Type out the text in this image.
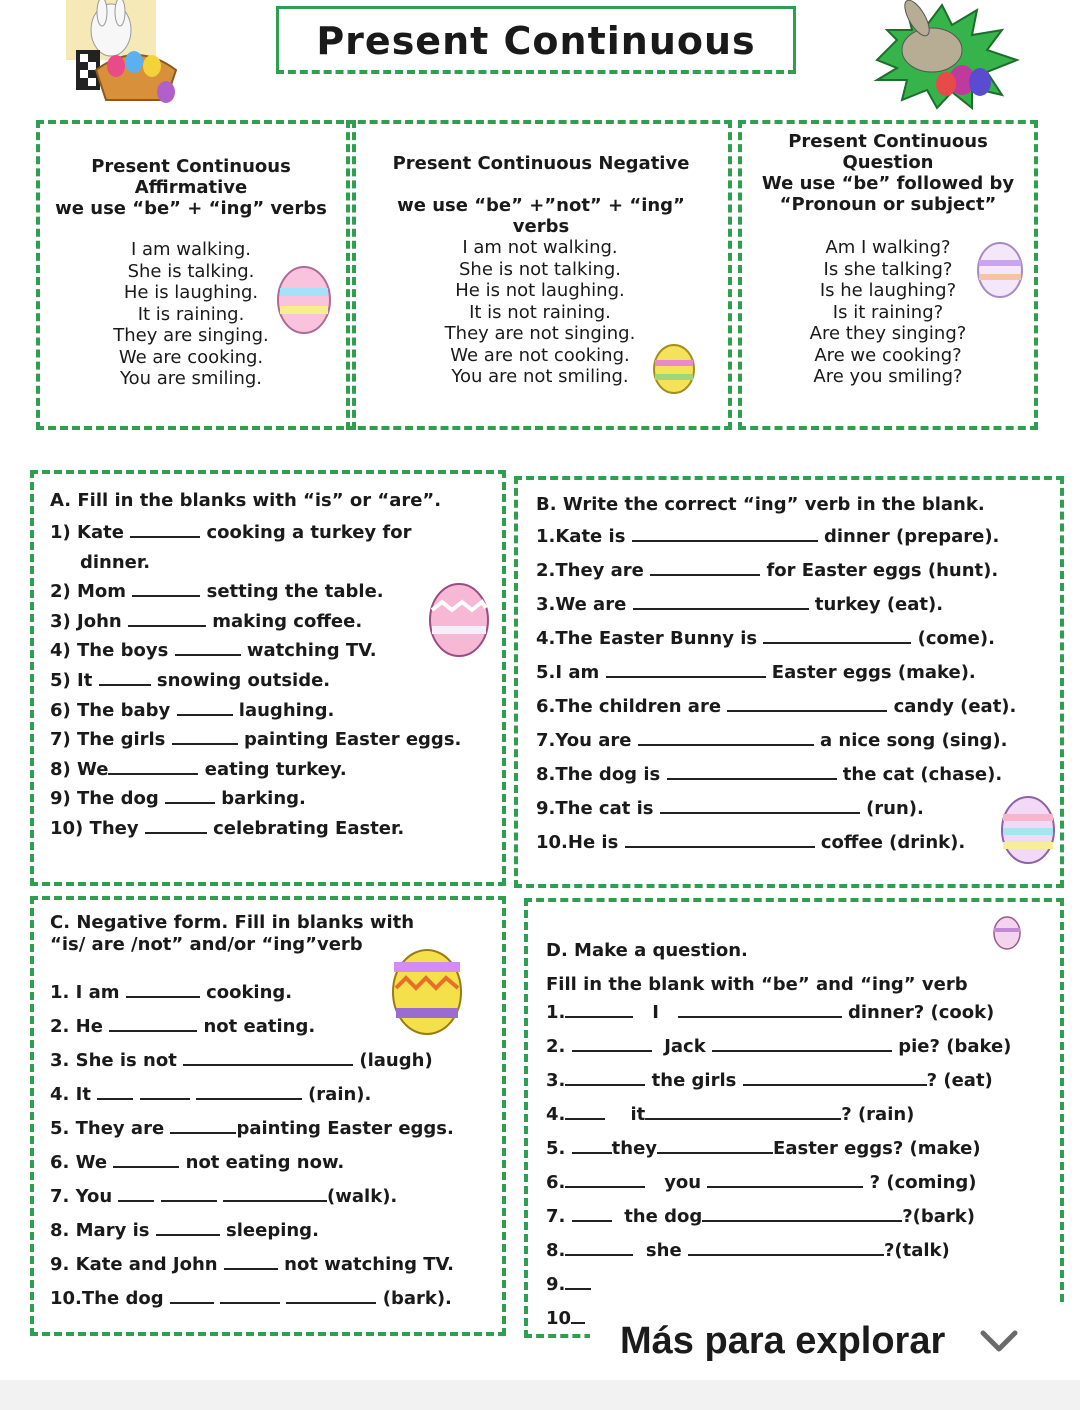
Present Continuous
Present Continuous
Affirmative
we use “be” + “ing” verbs
I am walking.
She is talking.
He is laughing.
It is raining.
They are singing.
We are cooking.
You are smiling.
Present Continuous Negative
we use “be” +”not” + “ing” verbs
I am not walking.
She is not talking.
He is not laughing.
It is not raining.
They are not singing.
We are not cooking.
You are not smiling.
Present Continuous
Question
We use “be” followed by
“Pronoun or subject”
Am I walking?
Is she talking?
Is he laughing?
Is it raining?
Are they singing?
Are we cooking?
Are you smiling?
A. Fill in the blanks with “is” or “are”.
1) Kate	cooking a turkey for
dinner.
2) Mom	setting the table.
3) John	making coffee.
4) The boys	watching TV.
5) It	snowing outside.
6) The baby	laughing.
7) The girls	painting Easter eggs.
8) We	eating turkey.
9) The dog	barking.
10) They	celebrating Easter.
B. Write the correct “ing” verb in the blank.
1.Kate is	dinner (prepare).
2.They are	for Easter eggs (hunt).
3.We are	turkey (eat).
4.The Easter Bunny is	(come).
5.I am	Easter eggs (make).
6.The children are	candy (eat).
7.You are	a nice song (sing).
8.The dog is	the cat (chase).
9.The cat is	(run).
10.He is	coffee (drink).
C. Negative form. Fill in blanks with
“is/ are /not” and/or “ing”verb
1. I am	cooking.
2. He	not eating.
3. She is not	(laugh)
4. It	(rain).
5. They are	painting Easter eggs.
6. We	not eating now.
7. You	(walk).
8. Mary is	sleeping.
9. Kate and John	not watching TV.
10.The dog	(bark).
D. Make a question.
Fill in the blank with “be” and “ing” verb
1.	I	dinner? (cook)
2.	Jack	pie? (bake)
3.	the girls	? (eat)
4.	it	? (rain)
5.	they	Easter eggs? (make)
6.	you	? (coming)
7.	the dog	?(bark)
8.	she	?(talk)
9.
10
Más para explorar
